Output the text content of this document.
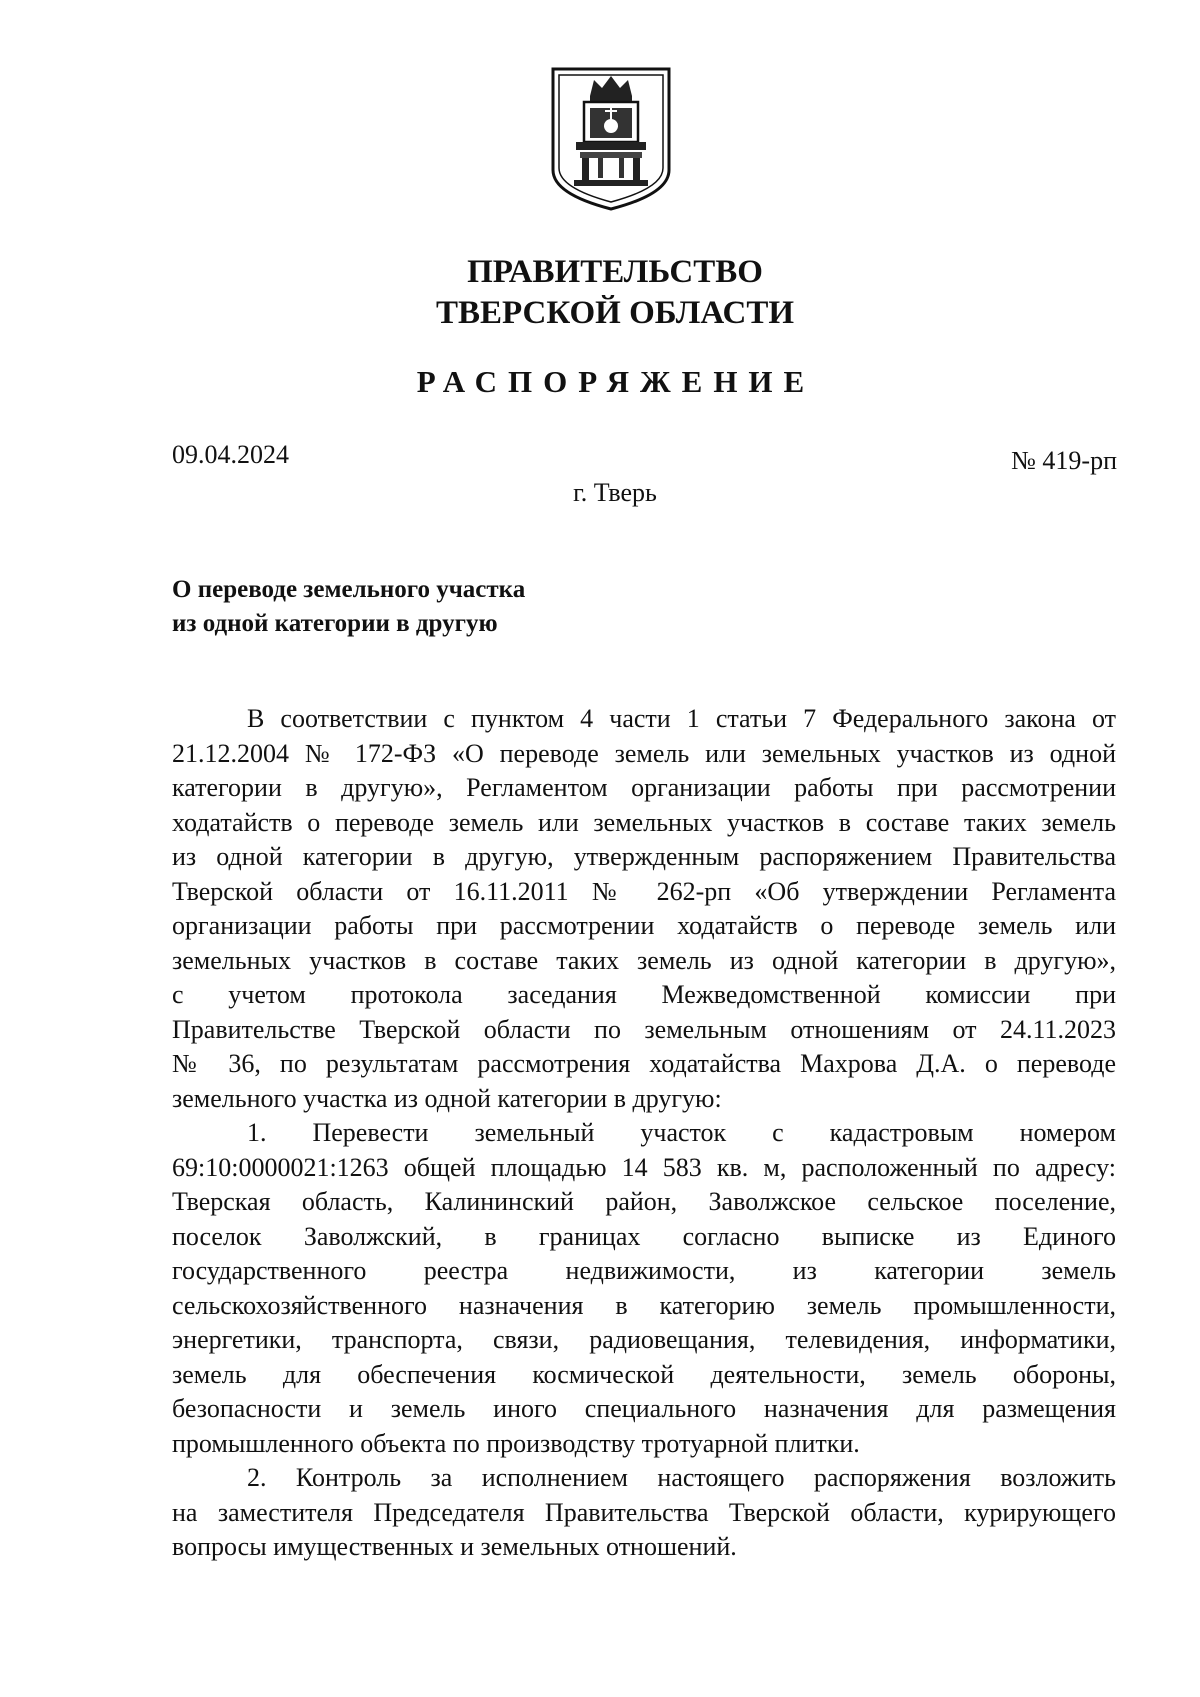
ПРАВИТЕЛЬСТВО
ТВЕРСКОЙ ОБЛАСТИ
РАСПОРЯЖЕНИЕ
09.04.2024	№ 419-рп
г. Тверь
О переводе земельного участка
из одной категории в другую
В соответствии с пунктом 4 части 1 статьи 7 Федерального закона от
21.12.2004 № 172-ФЗ «О переводе земель или земельных участков из одной
категории в другую», Регламентом организации работы при рассмотрении
ходатайств о переводе земель или земельных участков в составе таких земель
из одной категории в другую, утвержденным распоряжением Правительства
Тверской области от 16.11.2011 № 262-рп «Об утверждении Регламента
организации работы при рассмотрении ходатайств о переводе земель или
земельных участков в составе таких земель из одной категории в другую»,
с учетом протокола заседания Межведомственной комиссии при
Правительстве Тверской области по земельным отношениям от 24.11.2023
№ 36, по результатам рассмотрения ходатайства Махрова Д.А. о переводе
земельного участка из одной категории в другую:
1. Перевести земельный участок с кадастровым номером
69:10:0000021:1263 общей площадью 14 583 кв. м, расположенный по адресу:
Тверская область, Калининский район, Заволжское сельское поселение,
поселок Заволжский, в границах согласно выписке из Единого
государственного реестра недвижимости, из категории земель
сельскохозяйственного назначения в категорию земель промышленности,
энергетики, транспорта, связи, радиовещания, телевидения, информатики,
земель для обеспечения космической деятельности, земель обороны,
безопасности и земель иного специального назначения для размещения
промышленного объекта по производству тротуарной плитки.
2. Контроль за исполнением настоящего распоряжения возложить
на заместителя Председателя Правительства Тверской области, курирующего
вопросы имущественных и земельных отношений.
